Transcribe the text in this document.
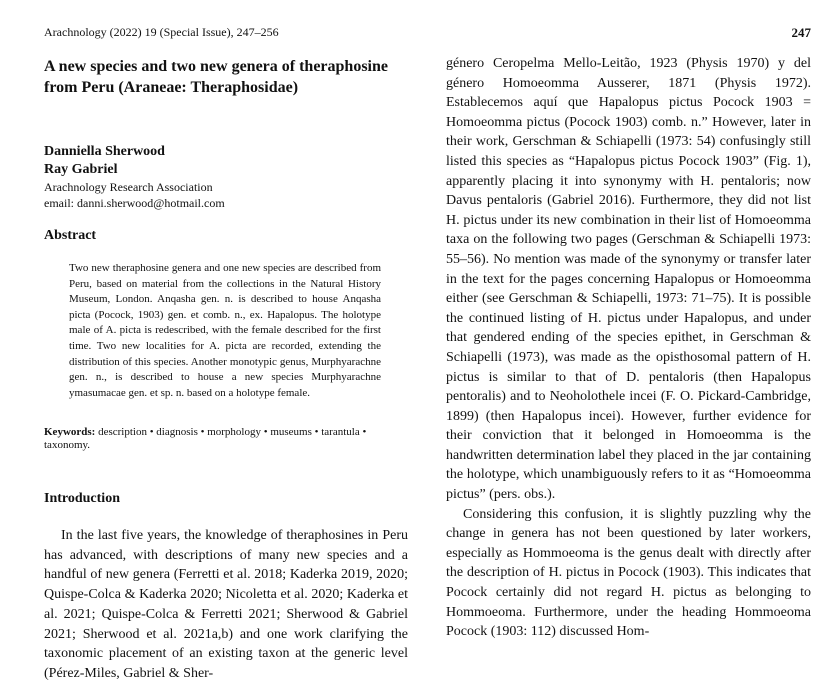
Arachnology (2022) 19 (Special Issue), 247–256	247
A new species and two new genera of theraphosine from Peru (Araneae: Theraphosidae)
Danniella Sherwood
Ray Gabriel
Arachnology Research Association
email: danni.sherwood@hotmail.com
Abstract
Two new theraphosine genera and one new species are described from Peru, based on material from the collections in the Natural History Museum, London. Anqasha gen. n. is described to house Anqasha picta (Pocock, 1903) gen. et comb. n., ex. Hapalopus. The holotype male of A. picta is redescribed, with the female described for the first time. Two new localities for A. picta are recorded, extending the distribution of this species. Another monotypic genus, Murphyarachne gen. n., is described to house a new species Murphyarachne ymasumacae gen. et sp. n. based on a holotype female.
Keywords: description • diagnosis • morphology • museums • tarantula • taxonomy.
Introduction

In the last five years, the knowledge of theraphosines in Peru has advanced, with descriptions of many new species and a handful of new genera (Ferretti et al. 2018; Kaderka 2019, 2020; Quispe-Colca & Kaderka 2020; Nicoletta et al. 2020; Kaderka et al. 2021; Quispe-Colca & Ferretti 2021; Sherwood & Gabriel 2021; Sherwood et al. 2021a,b) and one work clarifying the taxonomic placement of an existing taxon at the generic level (Pérez-Miles, Gabriel & Sher-

género Ceropelma Mello-Leitão, 1923 (Physis 1970) y del género Homoeomma Ausserer, 1871 (Physis 1972). Establecemos aquí que Hapalopus pictus Pocock 1903 = Homoeomma pictus (Pocock 1903) comb. n.” However, later in their work, Gerschman & Schiapelli (1973: 54) confusingly still listed this species as “Hapalopus pictus Pocock 1903” (Fig. 1), apparently placing it into synonymy with H. pentaloris; now Davus pentaloris (Gabriel 2016). Furthermore, they did not list H. pictus under its new combination in their list of Homoeomma taxa on the following two pages (Gerschman & Schiapelli 1973: 55–56). No mention was made of the synonymy or transfer later in the text for the pages concerning Hapalopus or Homoeomma either (see Gerschman & Schiapelli, 1973: 71–75). It is possible the continued listing of H. pictus under Hapalopus, and under that gendered ending of the species epithet, in Gerschman & Schiapelli (1973), was made as the opisthosomal pattern of H. pictus is similar to that of D. pentaloris (then Hapalopus pentoralis) and to Neoholothele incei (F. O. Pickard-Cambridge, 1899) (then Hapalopus incei). However, further evidence for their conviction that it belonged in Homoeomma is the handwritten determination label they placed in the jar containing the holotype, which unambiguously refers to it as “Homoeomma pictus” (pers. obs.).

Considering this confusion, it is slightly puzzling why the change in genera has not been questioned by later workers, especially as Hommoeoma is the genus dealt with directly after the description of H. pictus in Pocock (1903). This indicates that Pocock certainly did not regard H. pictus as belonging to Hommoeoma. Furthermore, under the heading Hommoeoma Pocock (1903: 112) discussed Hom-
